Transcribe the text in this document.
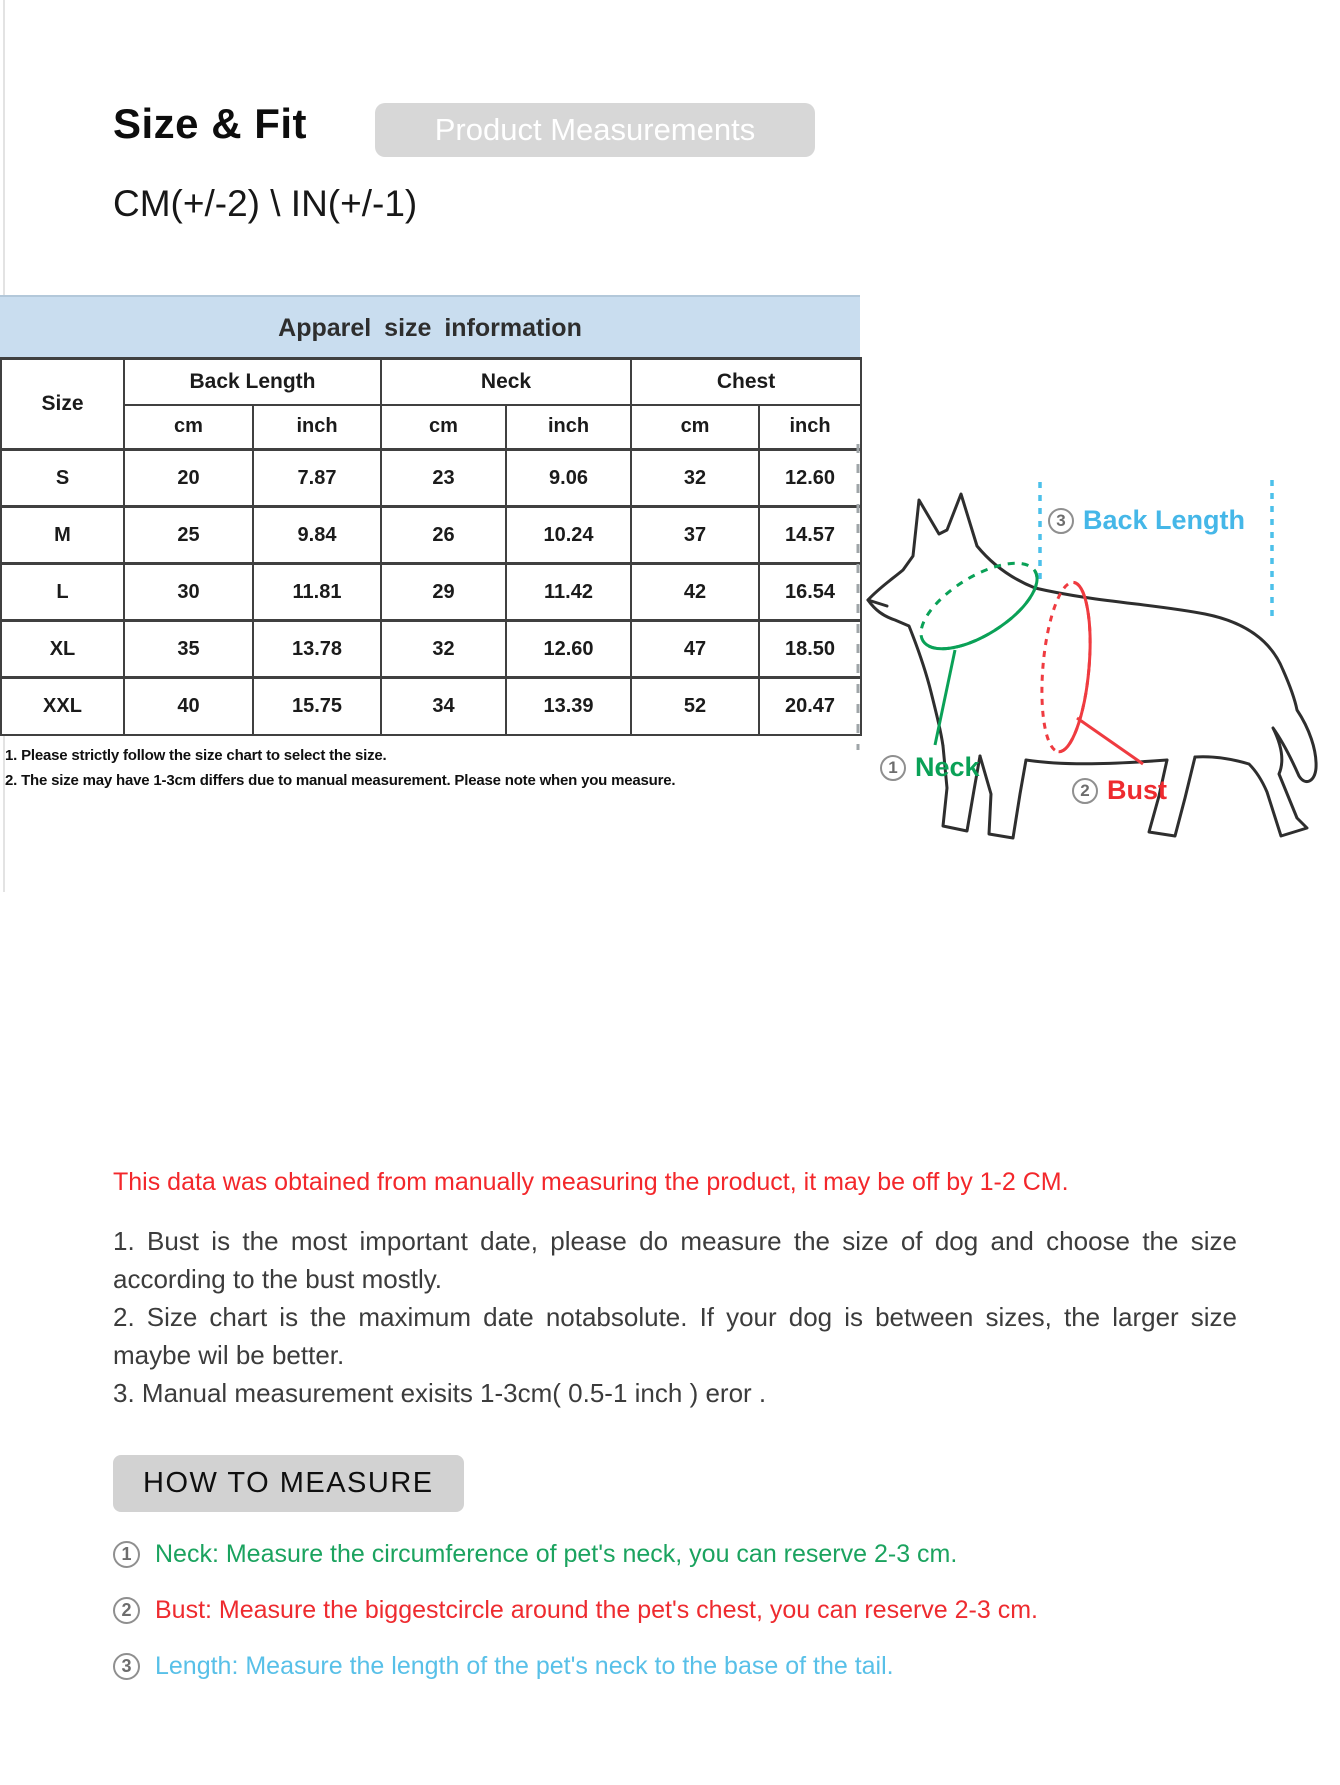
Size & Fit	Product Measurements
CM(+/-2) \ IN(+/-1)
Apparel size information
Size	Back Length		Neck		Chest	
	cm	inch	cm	inch	cm	inch
S	20	7.87	23	9.06	32	12.60
M	25	9.84	26	10.24	37	14.57
L	30	11.81	29	11.42	42	16.54
XL	35	13.78	32	12.60	47	18.50
XXL	40	15.75	34	13.39	52	20.47
1. Please strictly follow the size chart to select the size.
2. The size may have 1-3cm differs due to manual measurement. Please note when you measure.
3 Back Length
1 Neck
2 Bust

This data was obtained from manually measuring the product, it may be off by 1-2 CM.

1. Bust is the most important date, please do measure the size of dog and choose the size according to the bust mostly.

2. Size chart is the maximum date notabsolute. If your dog is between sizes, the larger size maybe wil be better.

3. Manual measurement exisits 1-3cm( 0.5-1 inch ) eror .

HOW TO MEASURE
1 Neck: Measure the circumference of pet's neck, you can reserve 2-3 cm.
2 Bust: Measure the biggestcircle around the pet's chest, you can reserve 2-3 cm.
3 Length: Measure the length of the pet's neck to the base of the tail.
